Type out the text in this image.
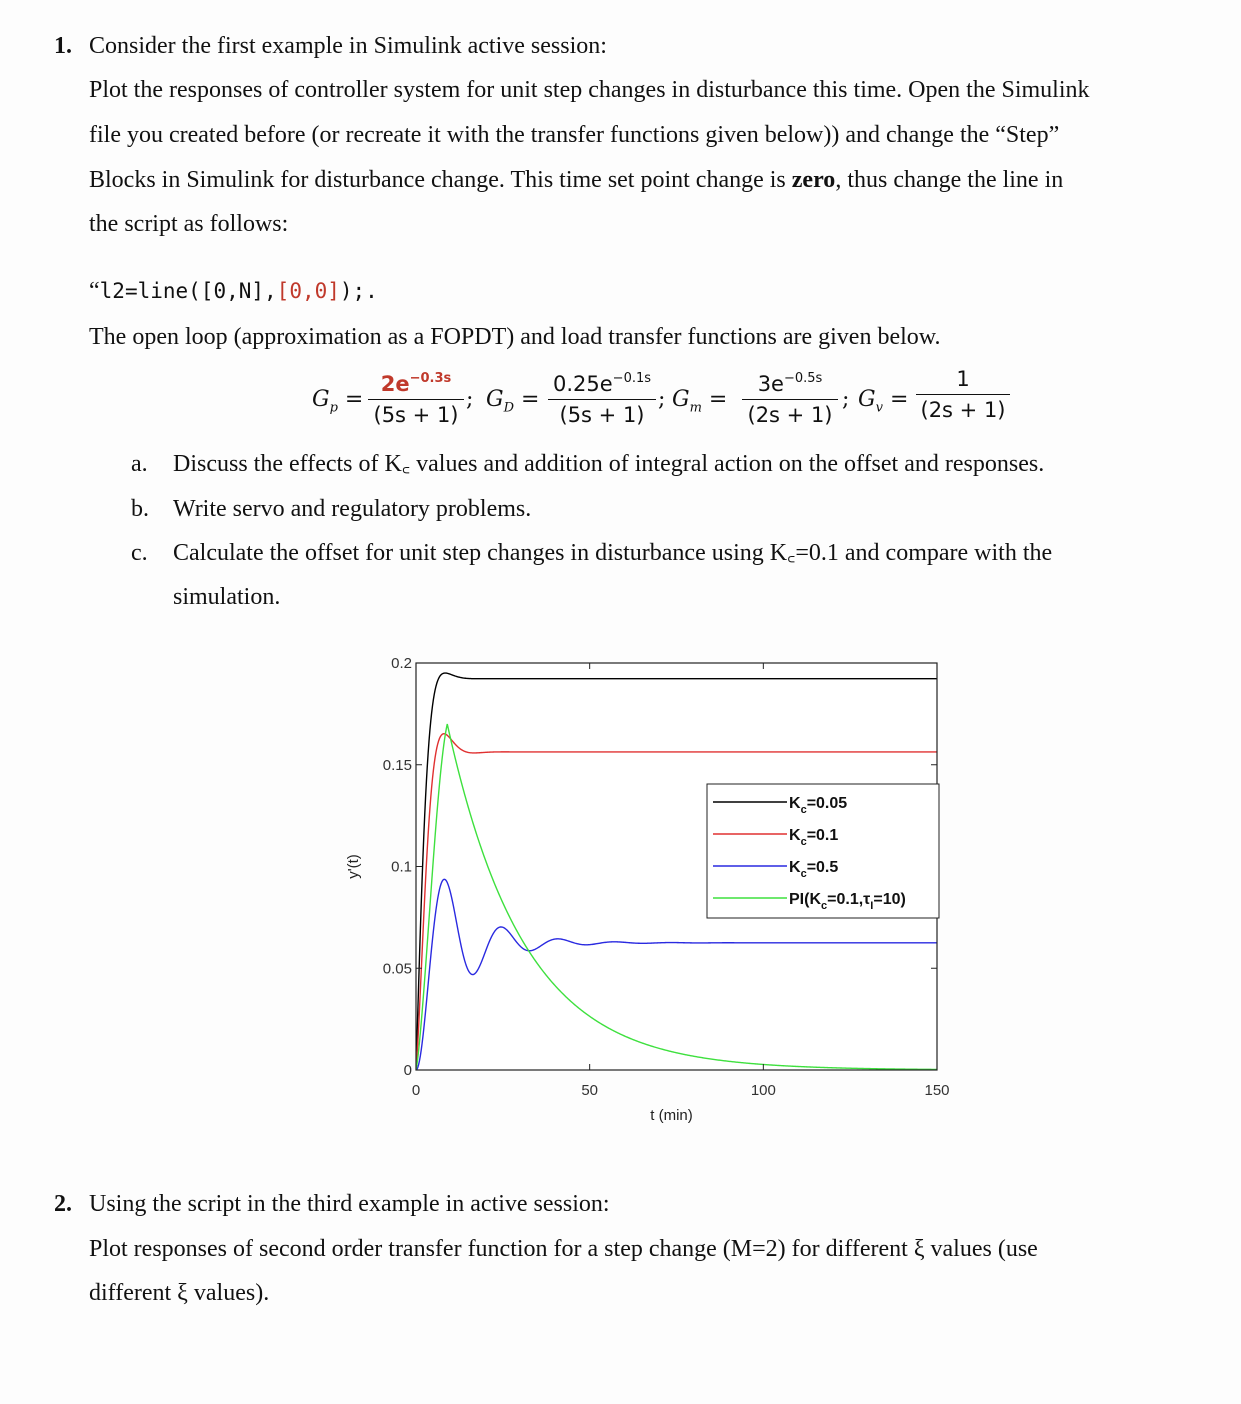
1. Consider the first example in Simulink active session:
Plot the responses of controller system for unit step changes in disturbance this time. Open the Simulink
file you created before (or recreate it with the transfer functions given below)) and change the “Step”
Blocks in Simulink for disturbance change. This time set point change is zero, thus change the line in
the script as follows:
“l2=line([0,N],[0,0]);.
The open loop (approximation as a FOPDT) and load transfer functions are given below.
$G_p$ =
$2e^{-0.3s}$
(5s + 1)
; $G_D$ =
$0.25e^{-0.1s}$
(5s + 1)
; $G_m$ =
$3e^{-0.5s}$
(2s + 1)
; $G_v$ =
1
(2s + 1)
a. Discuss the effects of K꜀ values and addition of integral action on the offset and responses.
b. Write servo and regulatory problems.
c. Calculate the offset for unit step changes in disturbance using K꜀=0.1 and compare with the
simulation.
0	50	100	150
0
0.05
0.1
0.15
0.2
t (min)
y'(t)
$K_c=0.05$
$K_c=0.1$
$K_c=0.5$
$PI(K_c=0.1,\tau_I=10)$
2. Using the script in the third example in active session:
Plot responses of second order transfer function for a step change (M=2) for different ξ values (use
different ξ values).
